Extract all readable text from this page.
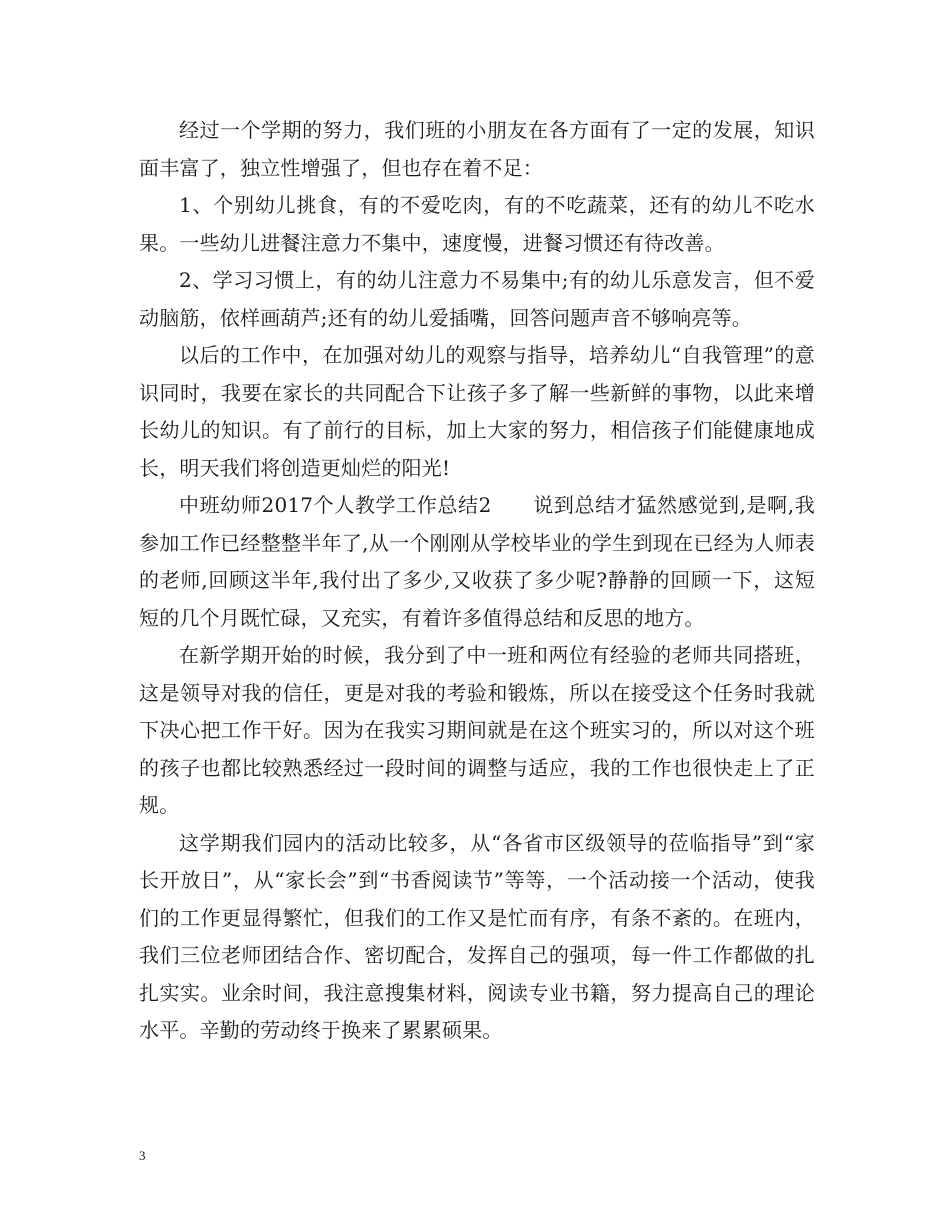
经过一个学期的努力，我们班的小朋友在各方面有了一定的发展，知识面丰富了，独立性增强了，但也存在着不足：

1、个别幼儿挑食，有的不爱吃肉，有的不吃蔬菜，还有的幼儿不吃水果。一些幼儿进餐注意力不集中，速度慢，进餐习惯还有待改善。

2、学习习惯上，有的幼儿注意力不易集中;有的幼儿乐意发言，但不爱动脑筋，依样画葫芦;还有的幼儿爱插嘴，回答问题声音不够响亮等。

以后的工作中，在加强对幼儿的观察与指导，培养幼儿“自我管理”的意识同时，我要在家长的共同配合下让孩子多了解一些新鲜的事物，以此来增长幼儿的知识。有了前行的目标，加上大家的努力，相信孩子们能健康地成长，明天我们将创造更灿烂的阳光!

中班幼师2017个人教学工作总结2　　说到总结才猛然感觉到,是啊,我参加工作已经整整半年了,从一个刚刚从学校毕业的学生到现在已经为人师表的老师,回顾这半年,我付出了多少,又收获了多少呢?静静的回顾一下，这短短的几个月既忙碌，又充实，有着许多值得总结和反思的地方。

在新学期开始的时候，我分到了中一班和两位有经验的老师共同搭班，这是领导对我的信任，更是对我的考验和锻炼，所以在接受这个任务时我就下决心把工作干好。因为在我实习期间就是在这个班实习的，所以对这个班的孩子也都比较熟悉经过一段时间的调整与适应，我的工作也很快走上了正规。

这学期我们园内的活动比较多，从“各省市区级领导的莅临指导”到“家长开放日”，从“家长会”到“书香阅读节”等等，一个活动接一个活动，使我们的工作更显得繁忙，但我们的工作又是忙而有序，有条不紊的。在班内，我们三位老师团结合作、密切配合，发挥自己的强项，每一件工作都做的扎扎实实。业余时间，我注意搜集材料，阅读专业书籍，努力提高自己的理论水平。辛勤的劳动终于换来了累累硕果。

3
